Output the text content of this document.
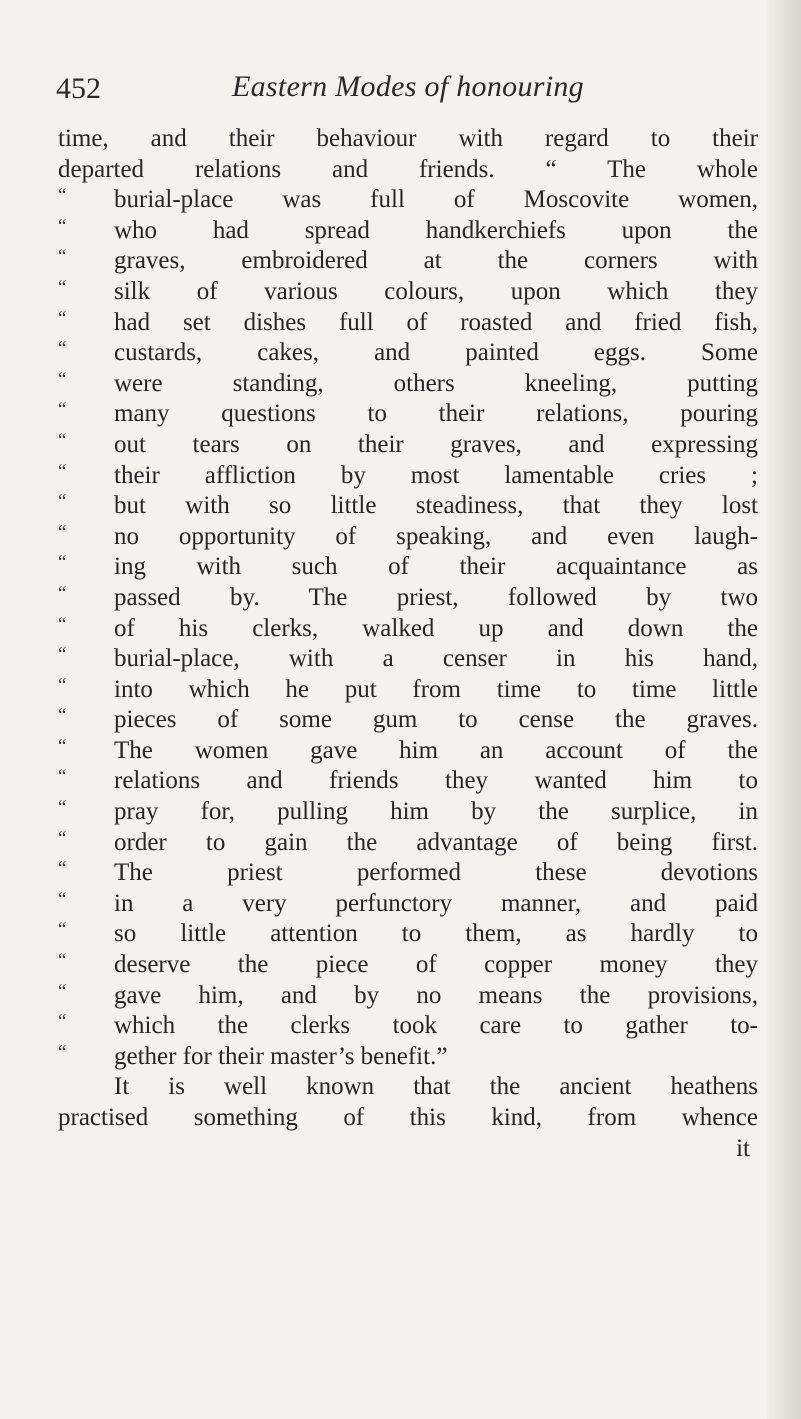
452	Eastern Modes of honouring
time, and their behaviour with regard to their
departed relations and friends. “ The whole
“ burial-place was full of Moscovite women,
“ who had spread handkerchiefs upon the
“ graves, embroidered at the corners with
“ silk of various colours, upon which they
“ had set dishes full of roasted and fried fish,
“ custards, cakes, and painted eggs. Some
“ were standing, others kneeling, putting
“ many questions to their relations, pouring
“ out tears on their graves, and expressing
“ their affliction by most lamentable cries ;
“ but with so little steadiness, that they lost
“ no opportunity of speaking, and even laugh-
“ ing with such of their acquaintance as
“ passed by. The priest, followed by two
“ of his clerks, walked up and down the
“ burial-place, with a censer in his hand,
“ into which he put from time to time little
“ pieces of some gum to cense the graves.
“ The women gave him an account of the
“ relations and friends they wanted him to
“ pray for, pulling him by the surplice, in
“ order to gain the advantage of being first.
“ The priest performed these devotions
“ in a very perfunctory manner, and paid
“ so little attention to them, as hardly to
“ deserve the piece of copper money they
“ gave him, and by no means the provisions,
“ which the clerks took care to gather to-
“ gether for their master’s benefit.”
It is well known that the ancient heathens
practised something of this kind, from whence
it
